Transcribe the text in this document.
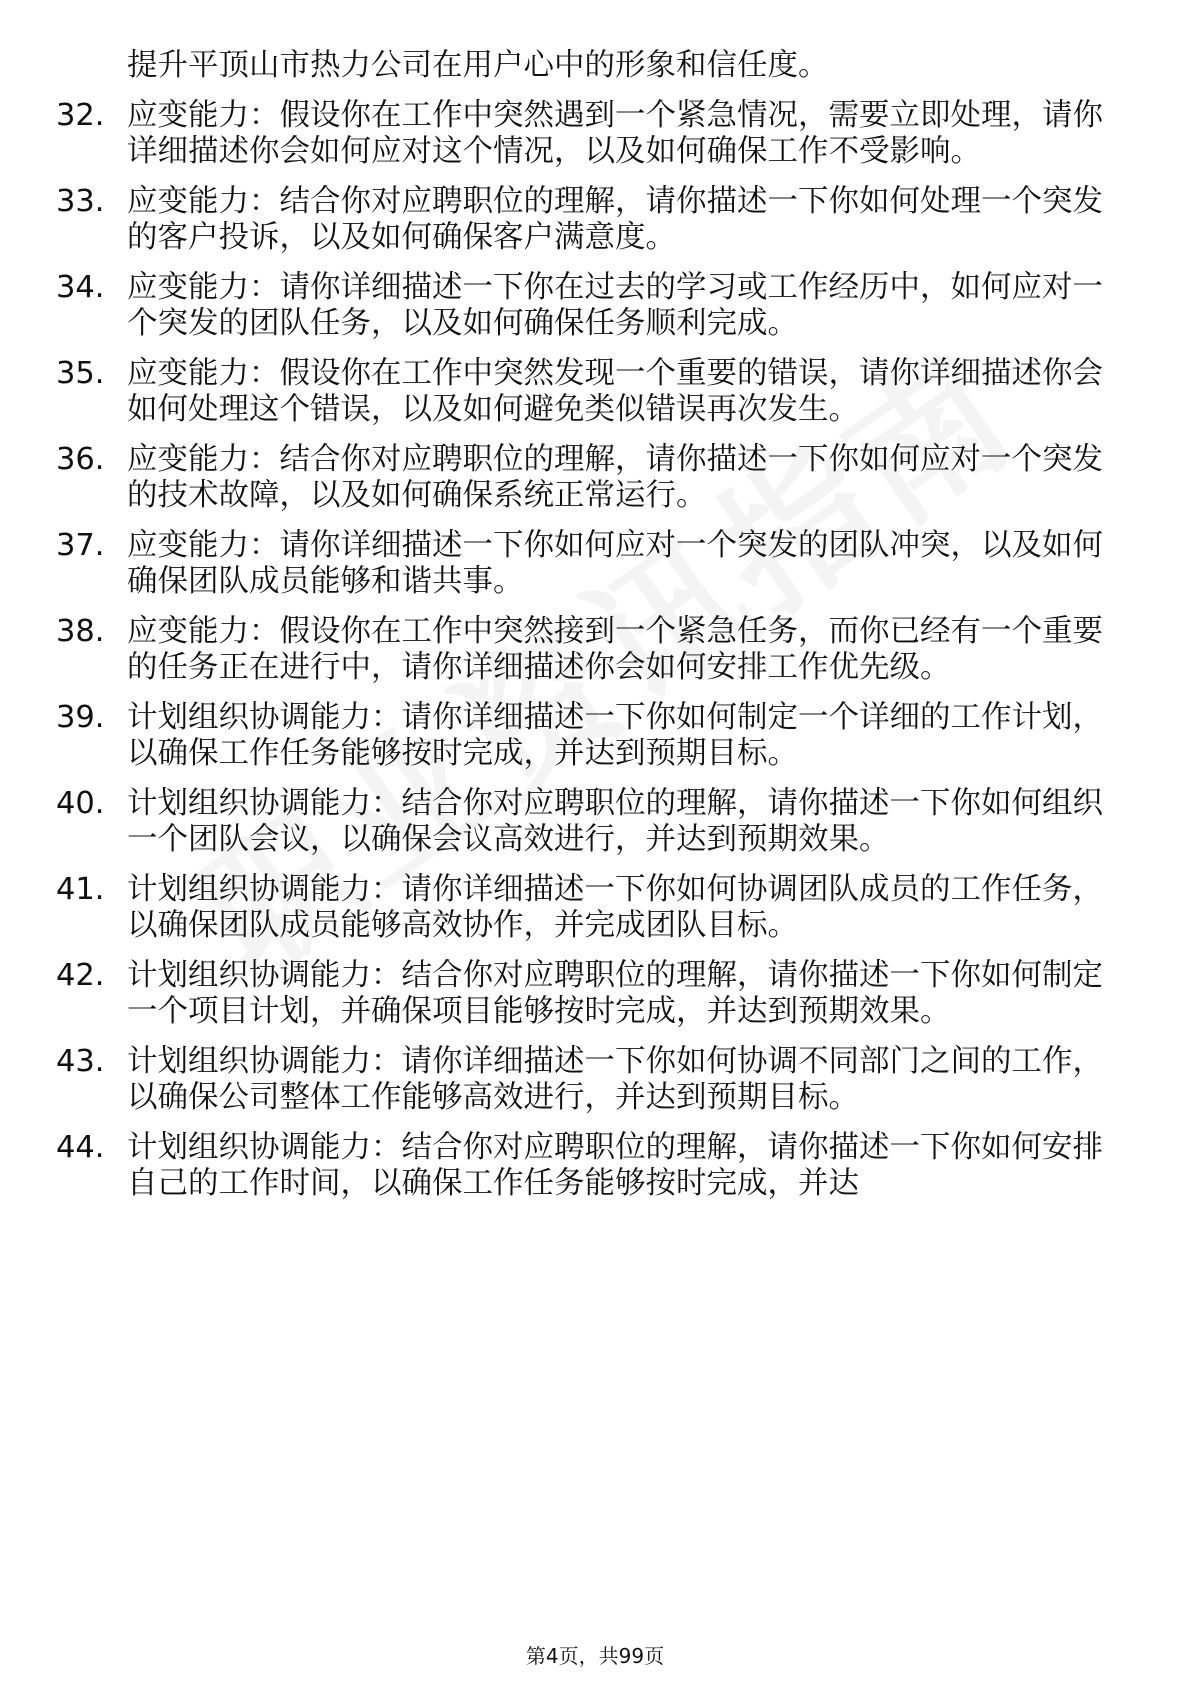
提升平顶山市热力公司在用户心中的形象和信任度。
32. 应变能力：假设你在工作中突然遇到一个紧急情况，需要立即处理，请你详细描述你会如何应对这个情况，以及如何确保工作不受影响。
33. 应变能力：结合你对应聘职位的理解，请你描述一下你如何处理一个突发的客户投诉，以及如何确保客户满意度。
34. 应变能力：请你详细描述一下你在过去的学习或工作经历中，如何应对一个突发的团队任务，以及如何确保任务顺利完成。
35. 应变能力：假设你在工作中突然发现一个重要的错误，请你详细描述你会如何处理这个错误，以及如何避免类似错误再次发生。
36. 应变能力：结合你对应聘职位的理解，请你描述一下你如何应对一个突发的技术故障，以及如何确保系统正常运行。
37. 应变能力：请你详细描述一下你如何应对一个突发的团队冲突，以及如何确保团队成员能够和谐共事。
38. 应变能力：假设你在工作中突然接到一个紧急任务，而你已经有一个重要的任务正在进行中，请你详细描述你会如何安排工作优先级。
39. 计划组织协调能力：请你详细描述一下你如何制定一个详细的工作计划，以确保工作任务能够按时完成，并达到预期目标。
40. 计划组织协调能力：结合你对应聘职位的理解，请你描述一下你如何组织一个团队会议，以确保会议高效进行，并达到预期效果。
41. 计划组织协调能力：请你详细描述一下你如何协调团队成员的工作任务，以确保团队成员能够高效协作，并完成团队目标。
42. 计划组织协调能力：结合你对应聘职位的理解，请你描述一下你如何制定一个项目计划，并确保项目能够按时完成，并达到预期效果。
43. 计划组织协调能力：请你详细描述一下你如何协调不同部门之间的工作，以确保公司整体工作能够高效进行，并达到预期目标。
44. 计划组织协调能力：结合你对应聘职位的理解，请你描述一下你如何安排自己的工作时间，以确保工作任务能够按时完成，并达
第4页，共99页
